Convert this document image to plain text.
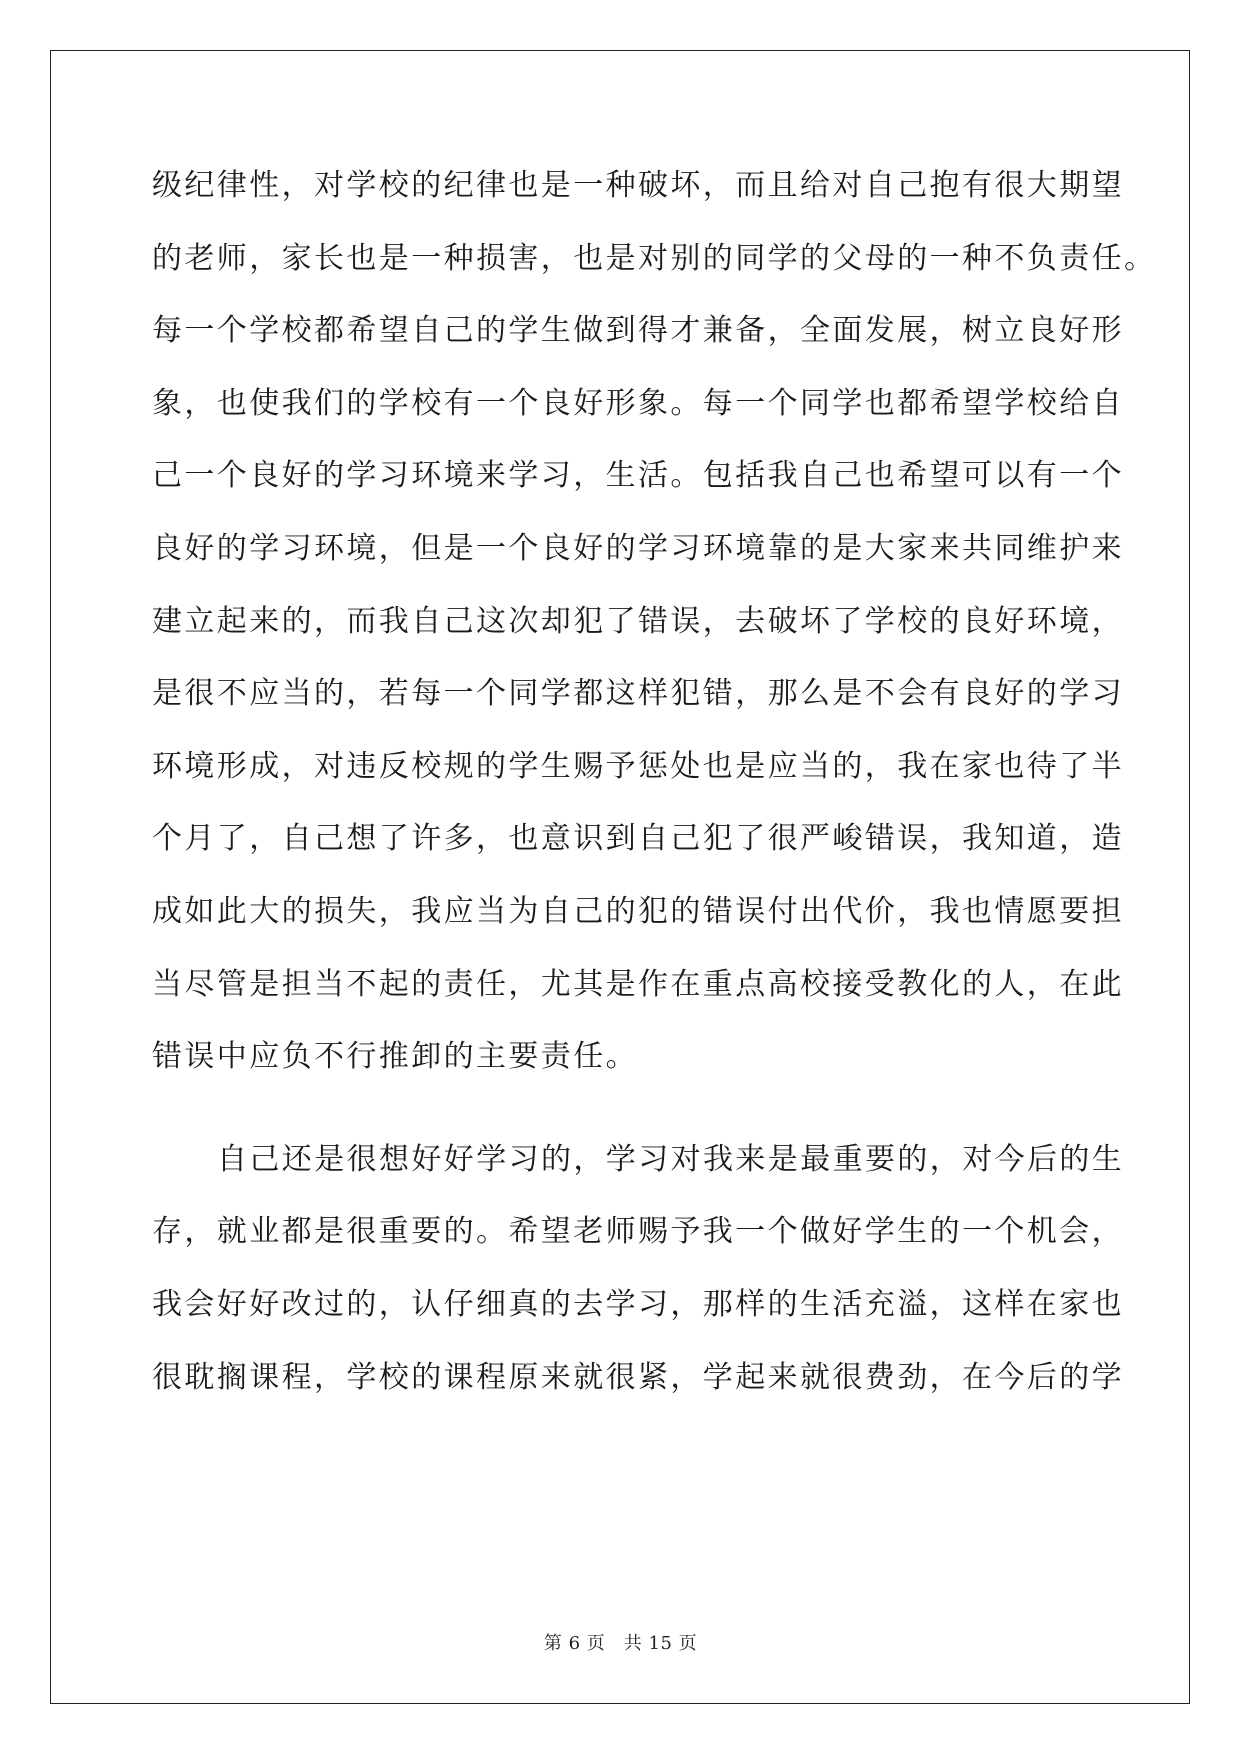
级纪律性，对学校的纪律也是一种破坏，而且给对自己抱有很大期望
的老师，家长也是一种损害，也是对别的同学的父母的一种不负责任。
每一个学校都希望自己的学生做到得才兼备，全面发展，树立良好形
象，也使我们的学校有一个良好形象。每一个同学也都希望学校给自
己一个良好的学习环境来学习，生活。包括我自己也希望可以有一个
良好的学习环境，但是一个良好的学习环境靠的是大家来共同维护来
建立起来的，而我自己这次却犯了错误，去破坏了学校的良好环境，
是很不应当的，若每一个同学都这样犯错，那么是不会有良好的学习
环境形成，对违反校规的学生赐予惩处也是应当的，我在家也待了半
个月了，自己想了许多，也意识到自己犯了很严峻错误，我知道，造
成如此大的损失，我应当为自己的犯的错误付出代价，我也情愿要担
当尽管是担当不起的责任，尤其是作在重点高校接受教化的人，在此
错误中应负不行推卸的主要责任。
自己还是很想好好学习的，学习对我来是最重要的，对今后的生
存，就业都是很重要的。希望老师赐予我一个做好学生的一个机会，
我会好好改过的，认仔细真的去学习，那样的生活充溢，这样在家也
很耽搁课程，学校的课程原来就很紧，学起来就很费劲，在今后的学
第 6 页　共 15 页
